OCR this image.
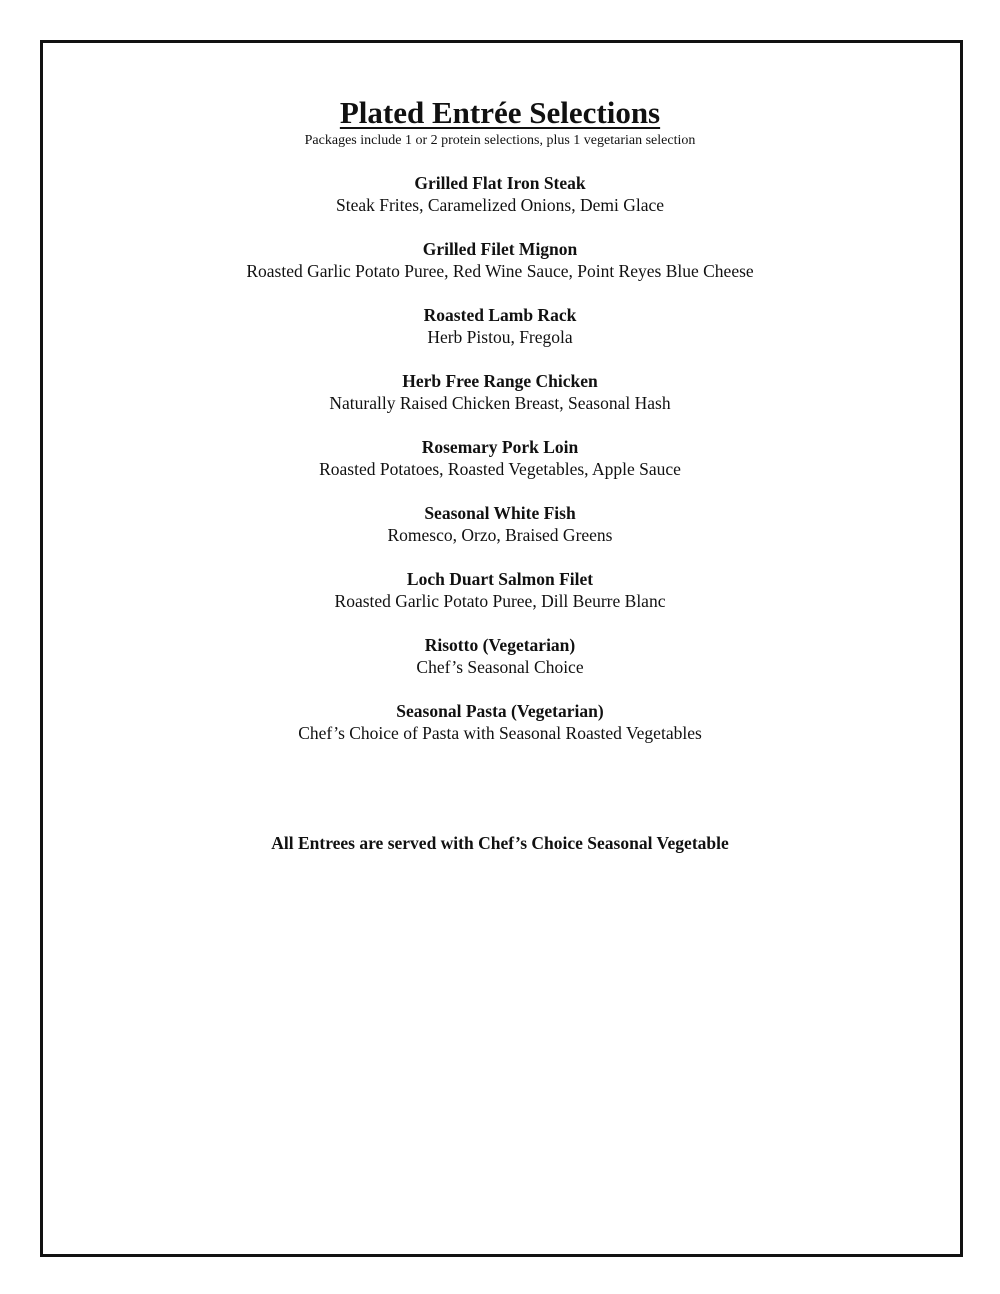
Plated Entrée Selections
Packages include 1 or 2 protein selections, plus 1 vegetarian selection
Grilled Flat Iron Steak
Steak Frites, Caramelized Onions, Demi Glace
Grilled Filet Mignon
Roasted Garlic Potato Puree, Red Wine Sauce, Point Reyes Blue Cheese
Roasted Lamb Rack
Herb Pistou, Fregola
Herb Free Range Chicken
Naturally Raised Chicken Breast, Seasonal Hash
Rosemary Pork Loin
Roasted Potatoes, Roasted Vegetables, Apple Sauce
Seasonal White Fish
Romesco, Orzo, Braised Greens
Loch Duart Salmon Filet
Roasted Garlic Potato Puree, Dill Beurre Blanc
Risotto (Vegetarian)
Chef’s Seasonal Choice
Seasonal Pasta (Vegetarian)
Chef’s Choice of Pasta with Seasonal Roasted Vegetables
All Entrees are served with Chef’s Choice Seasonal Vegetable
